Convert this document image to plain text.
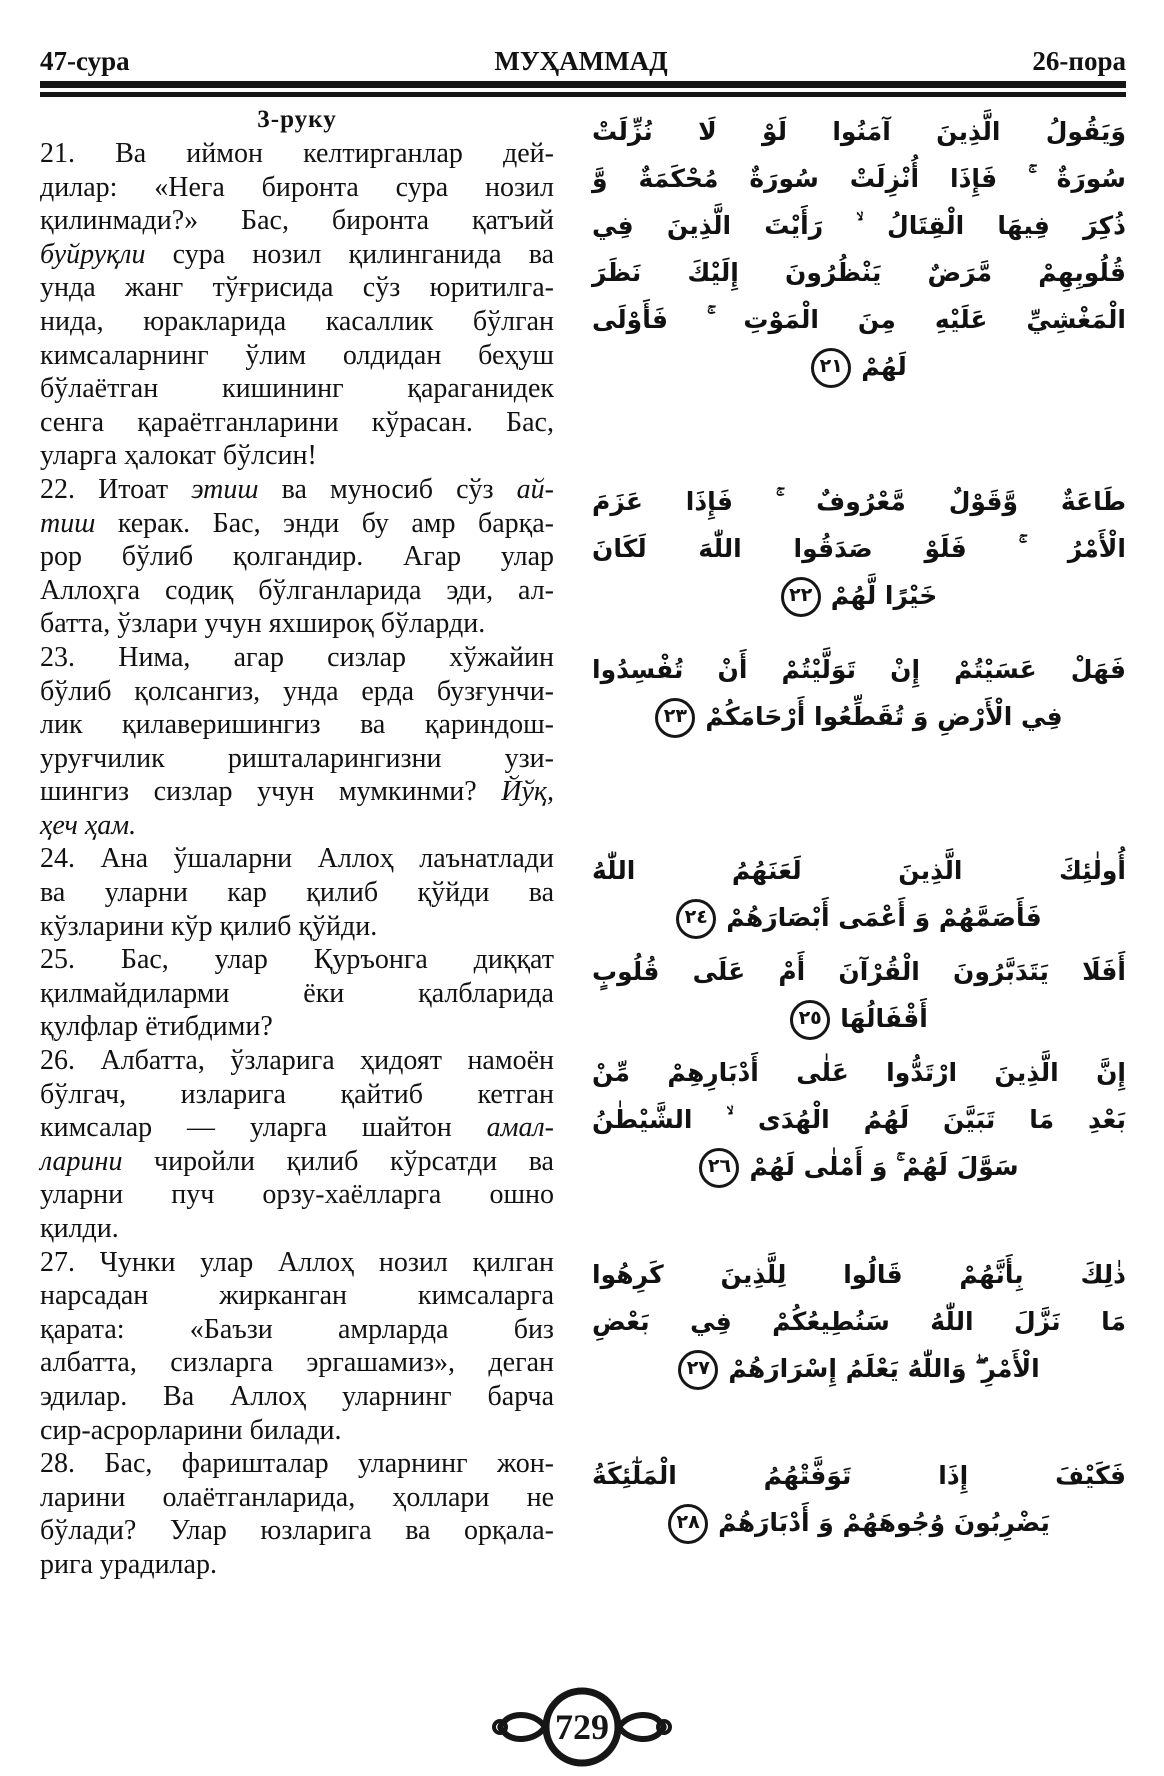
47-сура	МУҲАММАД	26-пора
3-руку
21. Ва иймон келтирганлар дей-
дилар: «Нега биронта сура нозил
қилинмади?» Бас, биронта қатъий
буйруқли сура нозил қилинганида ва
унда жанг тўғрисида сўз юритилга-
нида, юракларида касаллик бўлган
кимсаларнинг ўлим олдидан беҳуш
бўлаётган кишининг қараганидек
сенга қараётганларини кўрасан. Бас,
уларга ҳалокат бўлсин!
وَيَقُولُ الَّذِينَ آمَنُوا لَوْ لَا نُزِّلَتْ
سُورَةٌ ۚ فَإِذَا أُنْزِلَتْ سُورَةٌ مُحْكَمَةٌ وَّ
ذُكِرَ فِيهَا الْقِتَالُ ۙ رَأَيْتَ الَّذِينَ فِي
قُلُوبِهِمْ مَّرَضٌ يَنْظُرُونَ إِلَيْكَ نَظَرَ
الْمَغْشِيِّ عَلَيْهِ مِنَ الْمَوْتِ ۚ فَأَوْلَى
لَهُمْ٢١
22. Итоат этиш ва муносиб сўз ай-
тиш керак. Бас, энди бу амр барқа-
рор бўлиб қолгандир. Агар улар
Аллоҳга содиқ бўлганларида эди, ал-
батта, ўзлари учун яхшироқ бўларди.
طَاعَةٌ وَّقَوْلٌ مَّعْرُوفٌ ۚ فَإِذَا عَزَمَ
الْأَمْرُ ۚ فَلَوْ صَدَقُوا اللّٰهَ لَكَانَ
خَيْرًا لَّهُمْ٢٢
23. Нима, агар сизлар хўжайин
бўлиб қолсангиз, унда ерда бузғунчи-
лик қилаверишингиз ва қариндош-
уруғчилик ришталарингизни узи-
шингиз сизлар учун мумкинми? Йўқ,
ҳеч ҳам.
فَهَلْ عَسَيْتُمْ إِنْ تَوَلَّيْتُمْ أَنْ تُفْسِدُوا
فِي الْأَرْضِ وَ تُقَطِّعُوا أَرْحَامَكُمْ٢٣
24. Ана ўшаларни Аллоҳ лаънатлади
ва уларни кар қилиб қўйди ва
кўзларини кўр қилиб қўйди.
أُولٰئِكَ الَّذِينَ لَعَنَهُمُ اللّٰهُ
فَأَصَمَّهُمْ وَ أَعْمَى أَبْصَارَهُمْ٢٤
25. Бас, улар Қуръонга диққат
қилмайдиларми ёки қалбларида
қулфлар ётибдими?
أَفَلَا يَتَدَبَّرُونَ الْقُرْآنَ أَمْ عَلَى قُلُوبٍ
أَقْفَالُهَا٢٥
26. Албатта, ўзларига ҳидоят намоён
бўлгач, изларига қайтиб кетган
кимсалар — уларга шайтон амал-
ларини чиройли қилиб кўрсатди ва
уларни пуч орзу-хаёлларга ошно
қилди.
إِنَّ الَّذِينَ ارْتَدُّوا عَلٰى أَدْبَارِهِمْ مِّنْ
بَعْدِ مَا تَبَيَّنَ لَهُمُ الْهُدَى ۙ الشَّيْطٰنُ
سَوَّلَ لَهُمْ ۚ وَ أَمْلٰى لَهُمْ٢٦
27. Чунки улар Аллоҳ нозил қилган
нарсадан жирканган кимсаларга
қарата: «Баъзи амрларда биз
албатта, сизларга эргашамиз», деган
эдилар. Ва Аллоҳ уларнинг барча
сир-асрорларини билади.
ذٰلِكَ بِأَنَّهُمْ قَالُوا لِلَّذِينَ كَرِهُوا
مَا نَزَّلَ اللّٰهُ سَنُطِيعُكُمْ فِي بَعْضِ
الْأَمْرِ ۖ وَاللّٰهُ يَعْلَمُ إِسْرَارَهُمْ٢٧
28. Бас, фаришталар уларнинг жон-
ларини олаётганларида, ҳоллари не
бўлади? Улар юзларига ва орқала-
рига урадилар.
فَكَيْفَ إِذَا تَوَفَّتْهُمُ الْمَلٰٓئِكَةُ
يَضْرِبُونَ وُجُوهَهُمْ وَ أَدْبَارَهُمْ٢٨
729
